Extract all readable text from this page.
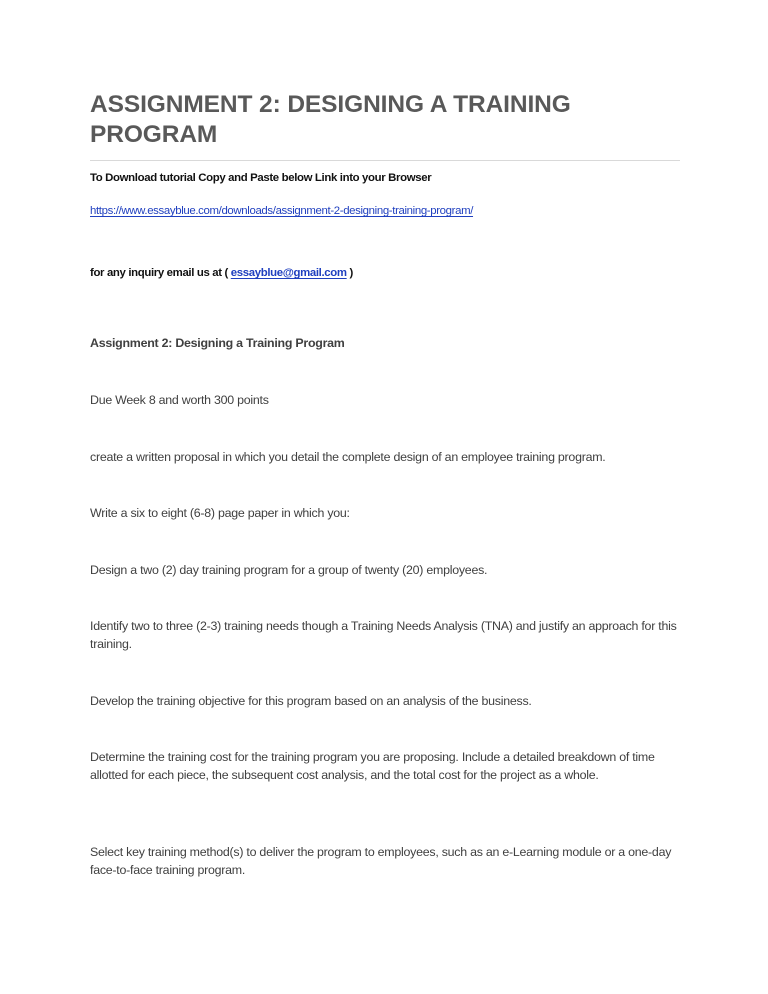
ASSIGNMENT 2: DESIGNING A TRAINING PROGRAM
To Download tutorial Copy and Paste below Link into your Browser
https://www.essayblue.com/downloads/assignment-2-designing-training-program/
for any inquiry email us at ( essayblue@gmail.com )

Assignment 2: Designing a Training Program

Due Week 8 and worth 300 points

create a written proposal in which you detail the complete design of an employee training program.

Write a six to eight (6-8) page paper in which you:

Design a two (2) day training program for a group of twenty (20) employees.

Identify two to three (2-3) training needs though a Training Needs Analysis (TNA) and justify an approach for this training.

Develop the training objective for this program based on an analysis of the business.

Determine the training cost for the training program you are proposing. Include a detailed breakdown of time allotted for each piece, the subsequent cost analysis, and the total cost for the project as a whole.

Select key training method(s) to deliver the program to employees, such as an e-Learning module or a one-day face-to-face training program.
